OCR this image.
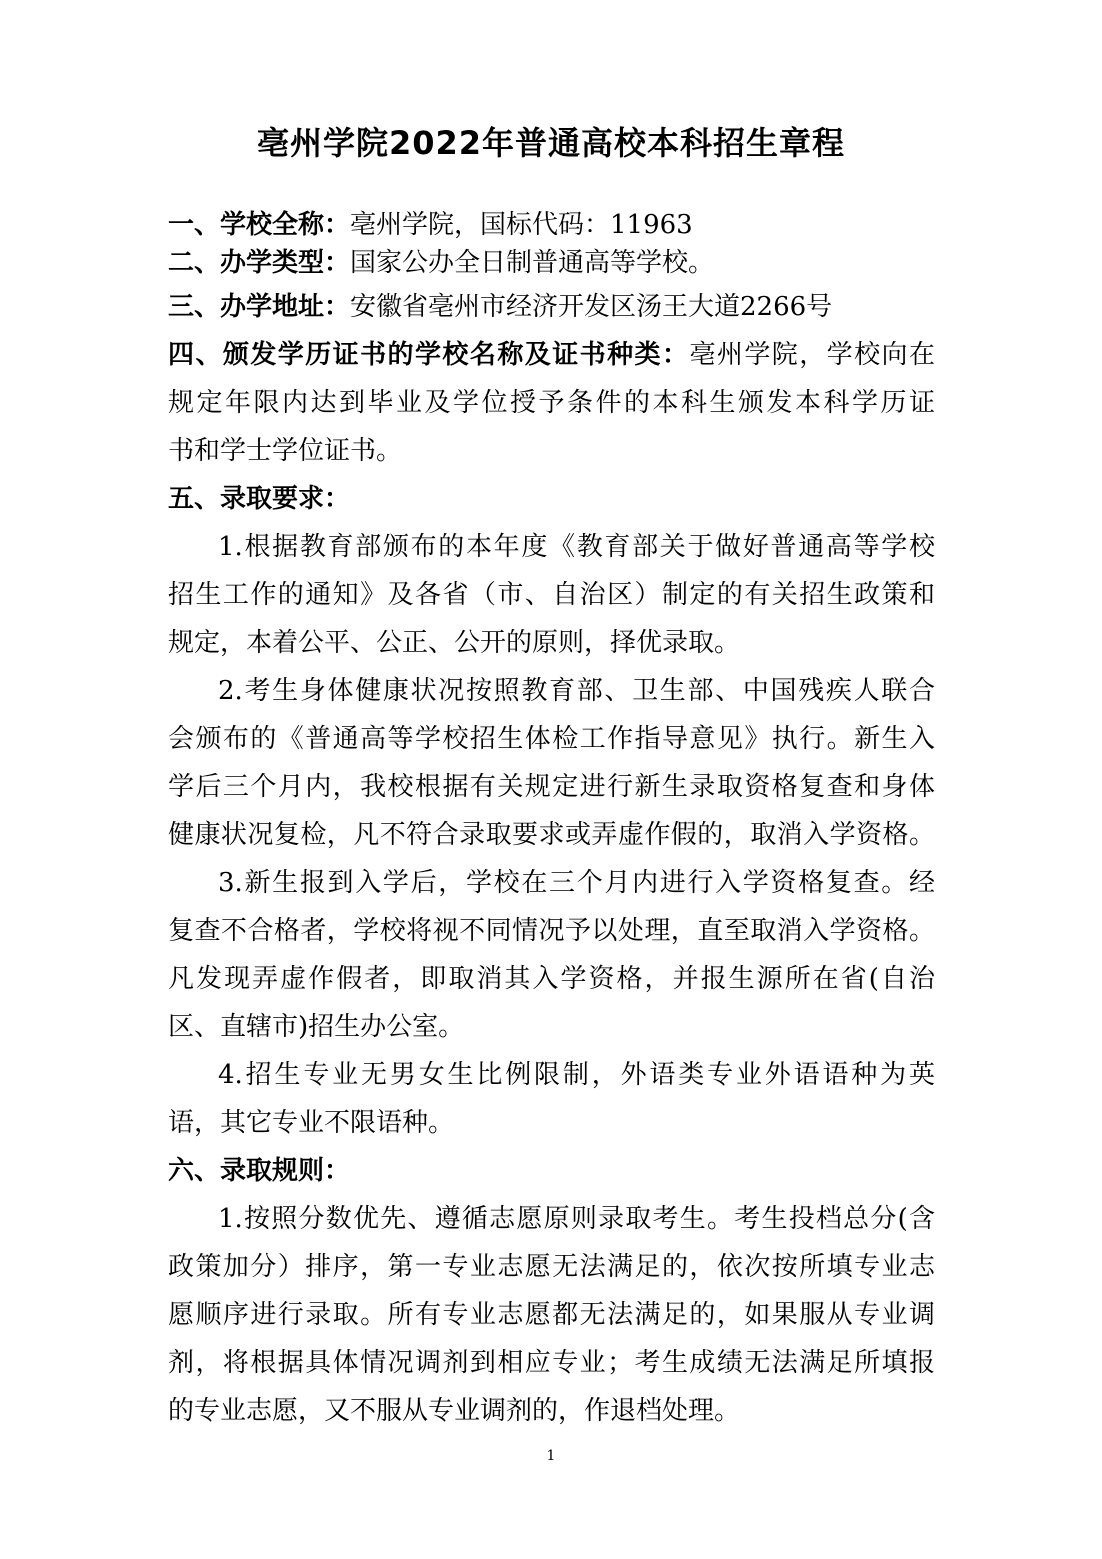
亳州学院2022年普通高校本科招生章程
一、学校全称：亳州学院，国标代码：11963
二、办学类型：国家公办全日制普通高等学校。
三、办学地址：安徽省亳州市经济开发区汤王大道2266号
四、颁发学历证书的学校名称及证书种类：亳州学院，学校向在
规定年限内达到毕业及学位授予条件的本科生颁发本科学历证
书和学士学位证书。
五、录取要求：
1.根据教育部颁布的本年度《教育部关于做好普通高等学校
招生工作的通知》及各省（市、自治区）制定的有关招生政策和
规定，本着公平、公正、公开的原则，择优录取。
2.考生身体健康状况按照教育部、卫生部、中国残疾人联合
会颁布的《普通高等学校招生体检工作指导意见》执行。新生入
学后三个月内，我校根据有关规定进行新生录取资格复查和身体
健康状况复检，凡不符合录取要求或弄虚作假的，取消入学资格。
3.新生报到入学后，学校在三个月内进行入学资格复查。经
复查不合格者，学校将视不同情况予以处理，直至取消入学资格。
凡发现弄虚作假者，即取消其入学资格，并报生源所在省(自治
区、直辖市)招生办公室。
4.招生专业无男女生比例限制，外语类专业外语语种为英
语，其它专业不限语种。
六、录取规则：
1.按照分数优先、遵循志愿原则录取考生。考生投档总分(含
政策加分）排序，第一专业志愿无法满足的，依次按所填专业志
愿顺序进行录取。所有专业志愿都无法满足的，如果服从专业调
剂，将根据具体情况调剂到相应专业；考生成绩无法满足所填报
的专业志愿，又不服从专业调剂的，作退档处理。
1
